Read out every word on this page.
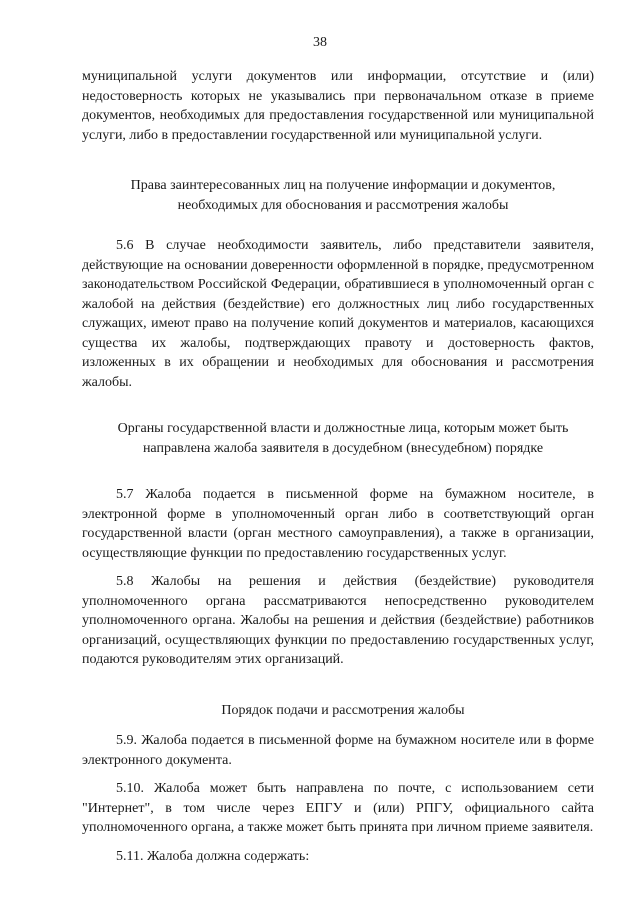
38

муниципальной услуги документов или информации, отсутствие и (или) недостоверность которых не указывались при первоначальном отказе в приеме документов, необходимых для предоставления государственной или муниципальной услуги, либо в предоставлении государственной или муниципальной услуги.

Права заинтересованных лиц на получение информации и документов,
необходимых для обоснования и рассмотрения жалобы

5.6 В случае необходимости заявитель, либо представители заявителя, действующие на основании доверенности оформленной в порядке, предусмотренном законодательством Российской Федерации, обратившиеся в уполномоченный орган с жалобой на действия (бездействие) его должностных лиц либо государственных служащих, имеют право на получение копий документов и материалов, касающихся существа их жалобы, подтверждающих правоту и достоверность фактов, изложенных в их обращении и необходимых для обоснования и рассмотрения жалобы.

Органы государственной власти и должностные лица, которым может быть
направлена жалоба заявителя в досудебном (внесудебном) порядке

5.7 Жалоба подается в письменной форме на бумажном носителе, в электронной форме в уполномоченный орган либо в соответствующий орган государственной власти (орган местного самоуправления), а также в организации, осуществляющие функции по предоставлению государственных услуг.

5.8 Жалобы на решения и действия (бездействие) руководителя уполномоченного органа рассматриваются непосредственно руководителем уполномоченного органа. Жалобы на решения и действия (бездействие) работников организаций, осуществляющих функции по предоставлению государственных услуг, подаются руководителям этих организаций.

Порядок подачи и рассмотрения жалобы

5.9. Жалоба подается в письменной форме на бумажном носителе или в форме электронного документа.

5.10. Жалоба может быть направлена по почте, с использованием сети "Интернет", в том числе через ЕПГУ и (или) РПГУ, официального сайта уполномоченного органа, а также может быть принята при личном приеме заявителя.

5.11. Жалоба должна содержать:
